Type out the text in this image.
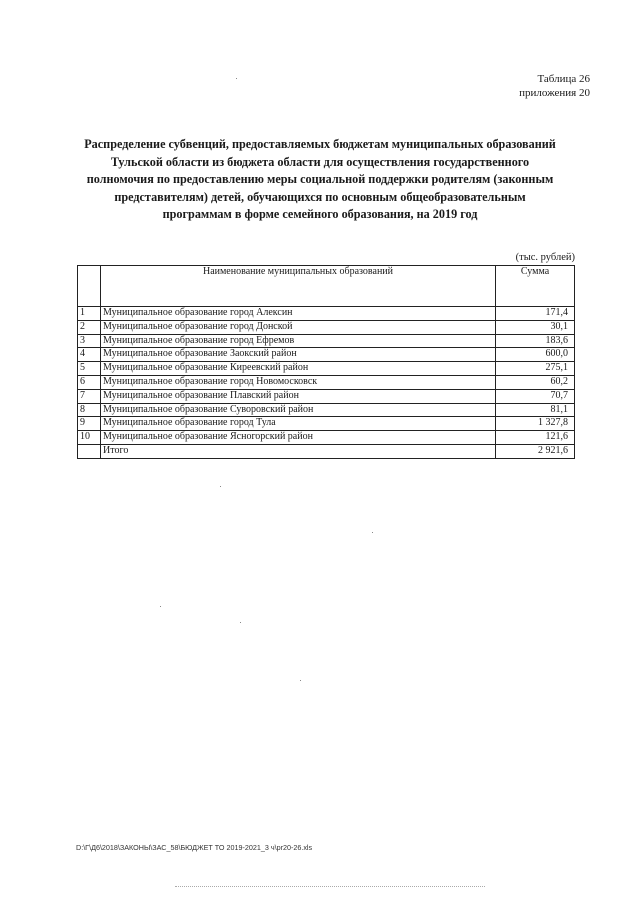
Таблица 26
приложения 20
Распределение субвенций, предоставляемых бюджетам муниципальных образований
Тульской области из бюджета области для осуществления государственного
полномочия по предоставлению меры социальной поддержки родителям (законным
представителям) детей, обучающихся по основным общеобразовательным
программам в форме семейного образования, на 2019 год
(тыс. рублей)
	Наименование муниципальных образований	Сумма
1	Муниципальное образование город Алексин	171,4
2	Муниципальное образование город Донской	30,1
3	Муниципальное образование город Ефремов	183,6
4	Муниципальное образование Заокский район	600,0
5	Муниципальное образование Киреевский район	275,1
6	Муниципальное образование город Новомосковск	60,2
7	Муниципальное образование Плавский район	70,7
8	Муниципальное образование Суворовский район	81,1
9	Муниципальное образование город Тула	1 327,8
10	Муниципальное образование Ясногорский район	121,6
	Итого	2 921,6
D:\Г\Д6\2018\ЗАКОНЫ\ЗАС_58\БЮДЖЕТ ТО 2019-2021_3 ч\pr20-26.xls
